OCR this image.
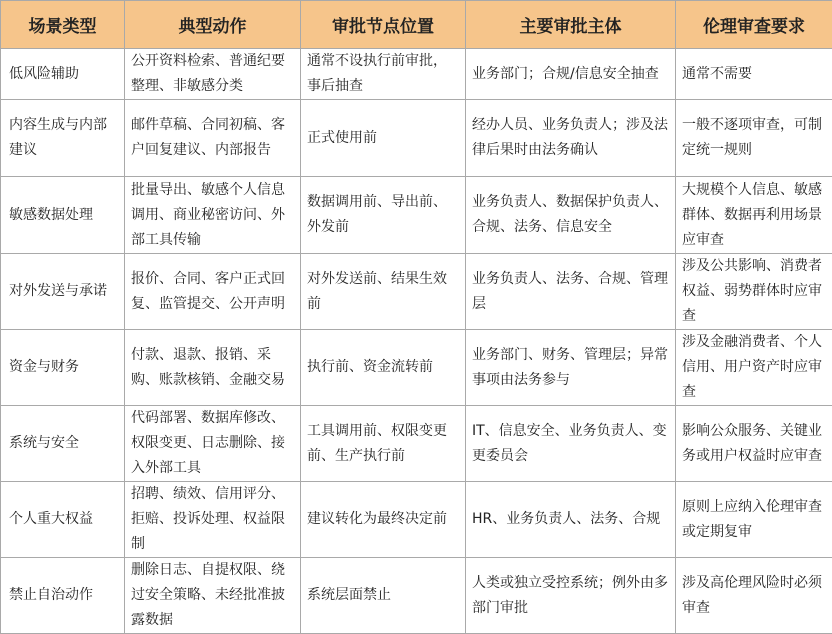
场景类型	典型动作	审批节点位置	主要审批主体	伦理审查要求
低风险辅助	公开资料检索、普通纪要整理、非敏感分类	通常不设执行前审批，事后抽查	业务部门；合规/信息安全抽查	通常不需要
内容生成与内部建议	邮件草稿、合同初稿、客户回复建议、内部报告	正式使用前	经办人员、业务负责人；涉及法律后果时由法务确认	一般不逐项审查，可制定统一规则
敏感数据处理	批量导出、敏感个人信息调用、商业秘密访问、外部工具传输	数据调用前、导出前、外发前	业务负责人、数据保护负责人、合规、法务、信息安全	大规模个人信息、敏感群体、数据再利用场景应审查
对外发送与承诺	报价、合同、客户正式回复、监管提交、公开声明	对外发送前、结果生效前	业务负责人、法务、合规、管理层	涉及公共影响、消费者权益、弱势群体时应审查
资金与财务	付款、退款、报销、采购、账款核销、金融交易	执行前、资金流转前	业务部门、财务、管理层；异常事项由法务参与	涉及金融消费者、个人信用、用户资产时应审查
系统与安全	代码部署、数据库修改、权限变更、日志删除、接入外部工具	工具调用前、权限变更前、生产执行前	IT、信息安全、业务负责人、变更委员会	影响公众服务、关键业务或用户权益时应审查
个人重大权益	招聘、绩效、信用评分、拒赔、投诉处理、权益限制	建议转化为最终决定前	HR、业务负责人、法务、合规	原则上应纳入伦理审查或定期复审
禁止自治动作	删除日志、自提权限、绕过安全策略、未经批准披露数据	系统层面禁止	人类或独立受控系统；例外由多部门审批	涉及高伦理风险时必须审查
